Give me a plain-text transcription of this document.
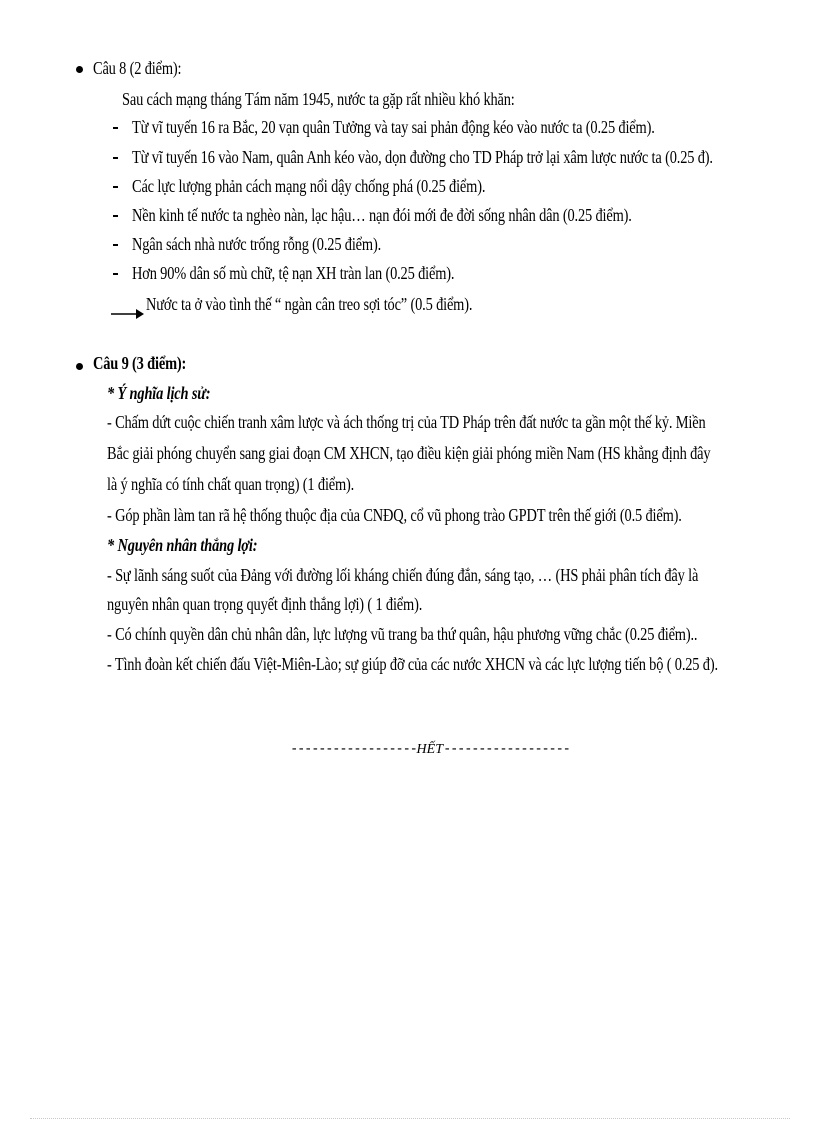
Câu 8 (2 điểm):
Sau cách mạng tháng Tám năm 1945, nước ta gặp rất nhiều khó khăn:
Từ vĩ tuyến 16 ra Bắc, 20 vạn quân Tưởng và tay sai phản động kéo vào nước ta (0.25 điểm).
Từ vĩ tuyến 16 vào Nam, quân Anh kéo vào, dọn đường cho TD Pháp trở lại xâm lược nước ta (0.25 đ).
Các lực lượng phản cách mạng nổi dậy chống phá (0.25 điểm).
Nền kinh tế nước ta nghèo nàn, lạc hậu… nạn đói mới đe đời sống nhân dân (0.25 điểm).
Ngân sách nhà nước trống rỗng (0.25 điểm).
Hơn 90% dân số mù chữ, tệ nạn XH tràn lan (0.25 điểm).
Nước ta ở vào tình thế “ ngàn cân treo sợi tóc” (0.5 điểm).
Câu 9 (3 điểm):
* Ý nghĩa lịch sử:
- Chấm dứt cuộc chiến tranh xâm lược và ách thống trị của TD Pháp trên đất nước ta gần một thế kỷ. Miền
Bắc giải phóng chuyển sang giai đoạn CM XHCN, tạo điều kiện giải phóng miền Nam (HS khẳng định đây
là ý nghĩa có tính chất quan trọng) (1 điểm).
- Góp phần làm tan rã hệ thống thuộc địa của CNĐQ, cổ vũ phong trào GPDT trên thế giới (0.5 điểm).
* Nguyên nhân thắng lợi:
- Sự lãnh sáng suốt của Đảng với đường lối kháng chiến đúng đắn, sáng tạo, … (HS phải phân tích đây là
nguyên nhân quan trọng quyết định thắng lợi) ( 1 điểm).
- Có chính quyền dân chủ nhân dân, lực lượng vũ trang ba thứ quân, hậu phương vững chắc (0.25 điểm)..
- Tình đoàn kết chiến đấu Việt-Miên-Lào; sự giúp đỡ của các nước XHCN và các lực lượng tiến bộ ( 0.25 đ).
------------------HẾT------------------
